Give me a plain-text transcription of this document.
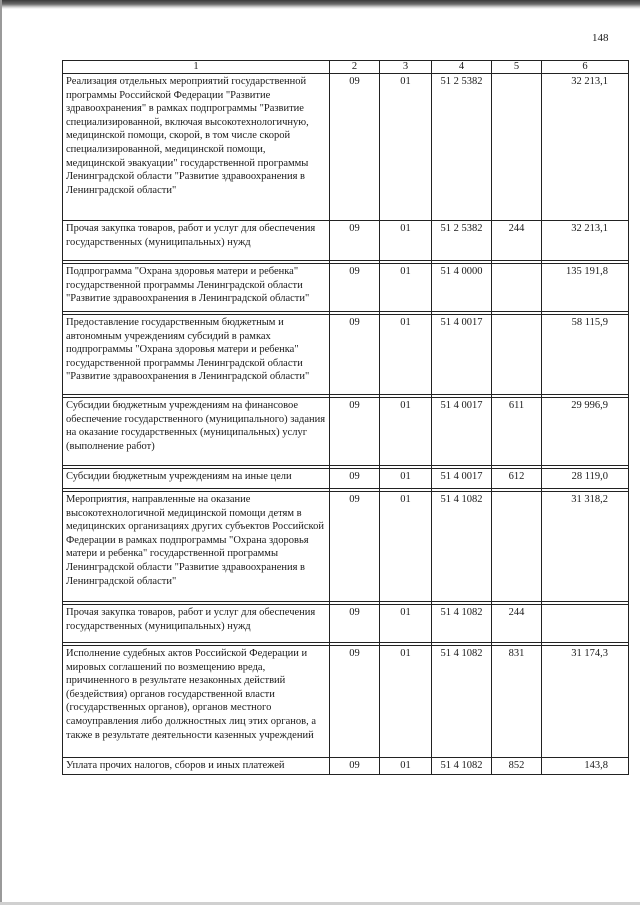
148
1	2	3	4	5	6
Реализация отдельных мероприятий государственной программы Российской Федерации "Развитие здравоохранения" в рамках подпрограммы "Развитие специализированной, включая высокотехнологичную, медицинской помощи, скорой, в том числе скорой специализированной, медицинской помощи, медицинской эвакуации" государственной программы Ленинградской области "Развитие здравоохранения в Ленинградской области"	09	01	51 2 5382		32 213,1
Прочая закупка товаров, работ и услуг для обеспечения государственных (муниципальных) нужд	09	01	51 2 5382	244	32 213,1

Подпрограмма "Охрана здоровья матери и ребенка" государственной программы Ленинградской области "Развитие здравоохранения в Ленинградской области"	09	01	51 4 0000		135 191,8

Предоставление государственным бюджетным и автономным учреждениям субсидий в рамках подпрограммы "Охрана здоровья матери и ребенка" государственной программы Ленинградской области "Развитие здравоохранения в Ленинградской области"	09	01	51 4 0017		58 115,9

Субсидии бюджетным учреждениям на финансовое обеспечение государственного (муниципального) задания на оказание государственных (муниципальных) услуг (выполнение работ)	09	01	51 4 0017	611	29 996,9

Субсидии бюджетным учреждениям на иные цели	09	01	51 4 0017	612	28 119,0

Мероприятия, направленные на оказание высокотехнологичной медицинской помощи детям в медицинских организациях других субъектов Российской Федерации в рамках подпрограммы "Охрана здоровья матери и ребенка" государственной программы Ленинградской области "Развитие здравоохранения в Ленинградской области"	09	01	51 4 1082		31 318,2

Прочая закупка товаров, работ и услуг для обеспечения государственных (муниципальных) нужд	09	01	51 4 1082	244	

Исполнение судебных актов Российской Федерации и мировых соглашений по возмещению вреда, причиненного в результате незаконных действий (бездействия) органов государственной власти (государственных органов), органов местного самоуправления либо должностных лиц этих органов, а также в результате деятельности казенных учреждений	09	01	51 4 1082	831	31 174,3
Уплата прочих налогов, сборов и иных платежей	09	01	51 4 1082	852	143,8
